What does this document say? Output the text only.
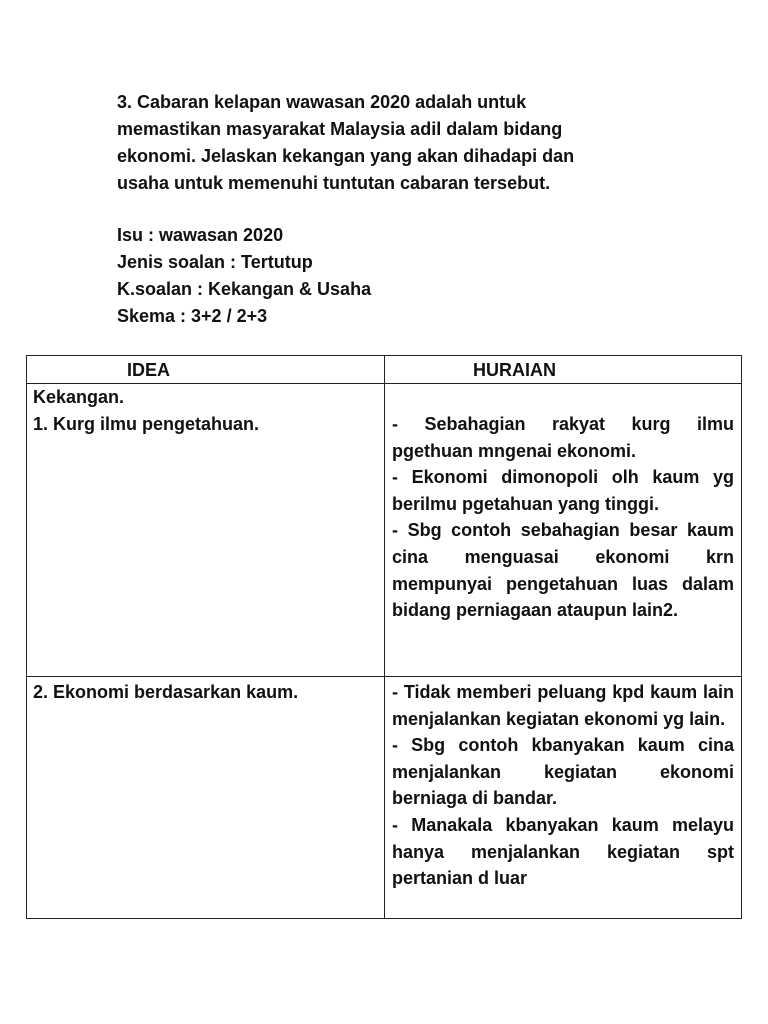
3. Cabaran kelapan wawasan 2020 adalah untuk
memastikan masyarakat Malaysia adil dalam bidang
ekonomi. Jelaskan kekangan yang akan dihadapi dan
usaha untuk memenuhi tuntutan cabaran tersebut.
Isu : wawasan 2020
Jenis soalan : Tertutup
K.soalan : Kekangan & Usaha
Skema : 3+2 / 2+3
IDEA	HURAIAN
Kekangan.
1. Kurg ilmu pengetahuan.	- Sebahagian rakyat kurg ilmu pgethuan mngenai ekonomi.

- Ekonomi dimonopoli olh kaum yg berilmu pgetahuan yang tinggi.

- Sbg contoh sebahagian besar kaum cina menguasai ekonomi krn mempunyai pengetahuan luas dalam bidang perniagaan ataupun lain2.

2. Ekonomi berdasarkan kaum.	- Tidak memberi peluang kpd kaum lain menjalankan kegiatan ekonomi yg lain.

- Sbg contoh kbanyakan kaum cina menjalankan kegiatan ekonomi berniaga di bandar.

- Manakala kbanyakan kaum melayu hanya menjalankan kegiatan spt pertanian d luar
